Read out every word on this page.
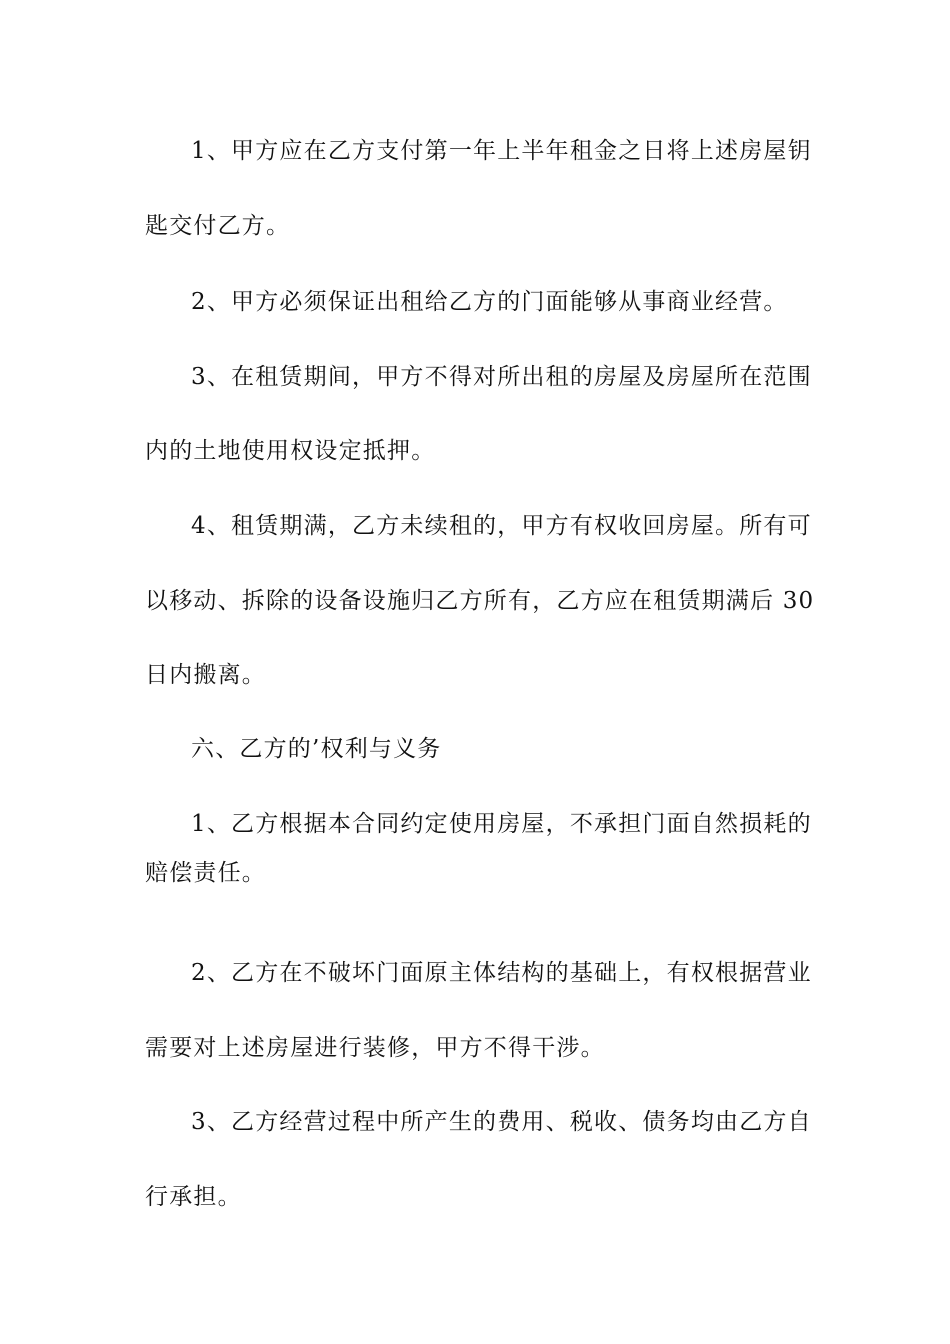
1、甲方应在乙方支付第一年上半年租金之日将上述房屋钥
匙交付乙方。
2、甲方必须保证出租给乙方的门面能够从事商业经营。
3、在租赁期间，甲方不得对所出租的房屋及房屋所在范围
内的土地使用权设定抵押。
4、租赁期满，乙方未续租的，甲方有权收回房屋。所有可
以移动、拆除的设备设施归乙方所有，乙方应在租赁期满后 30
日内搬离。
六、乙方的’权利与义务
1、乙方根据本合同约定使用房屋，不承担门面自然损耗的
赔偿责任。
2、乙方在不破坏门面原主体结构的基础上，有权根据营业
需要对上述房屋进行装修，甲方不得干涉。
3、乙方经营过程中所产生的费用、税收、债务均由乙方自
行承担。
